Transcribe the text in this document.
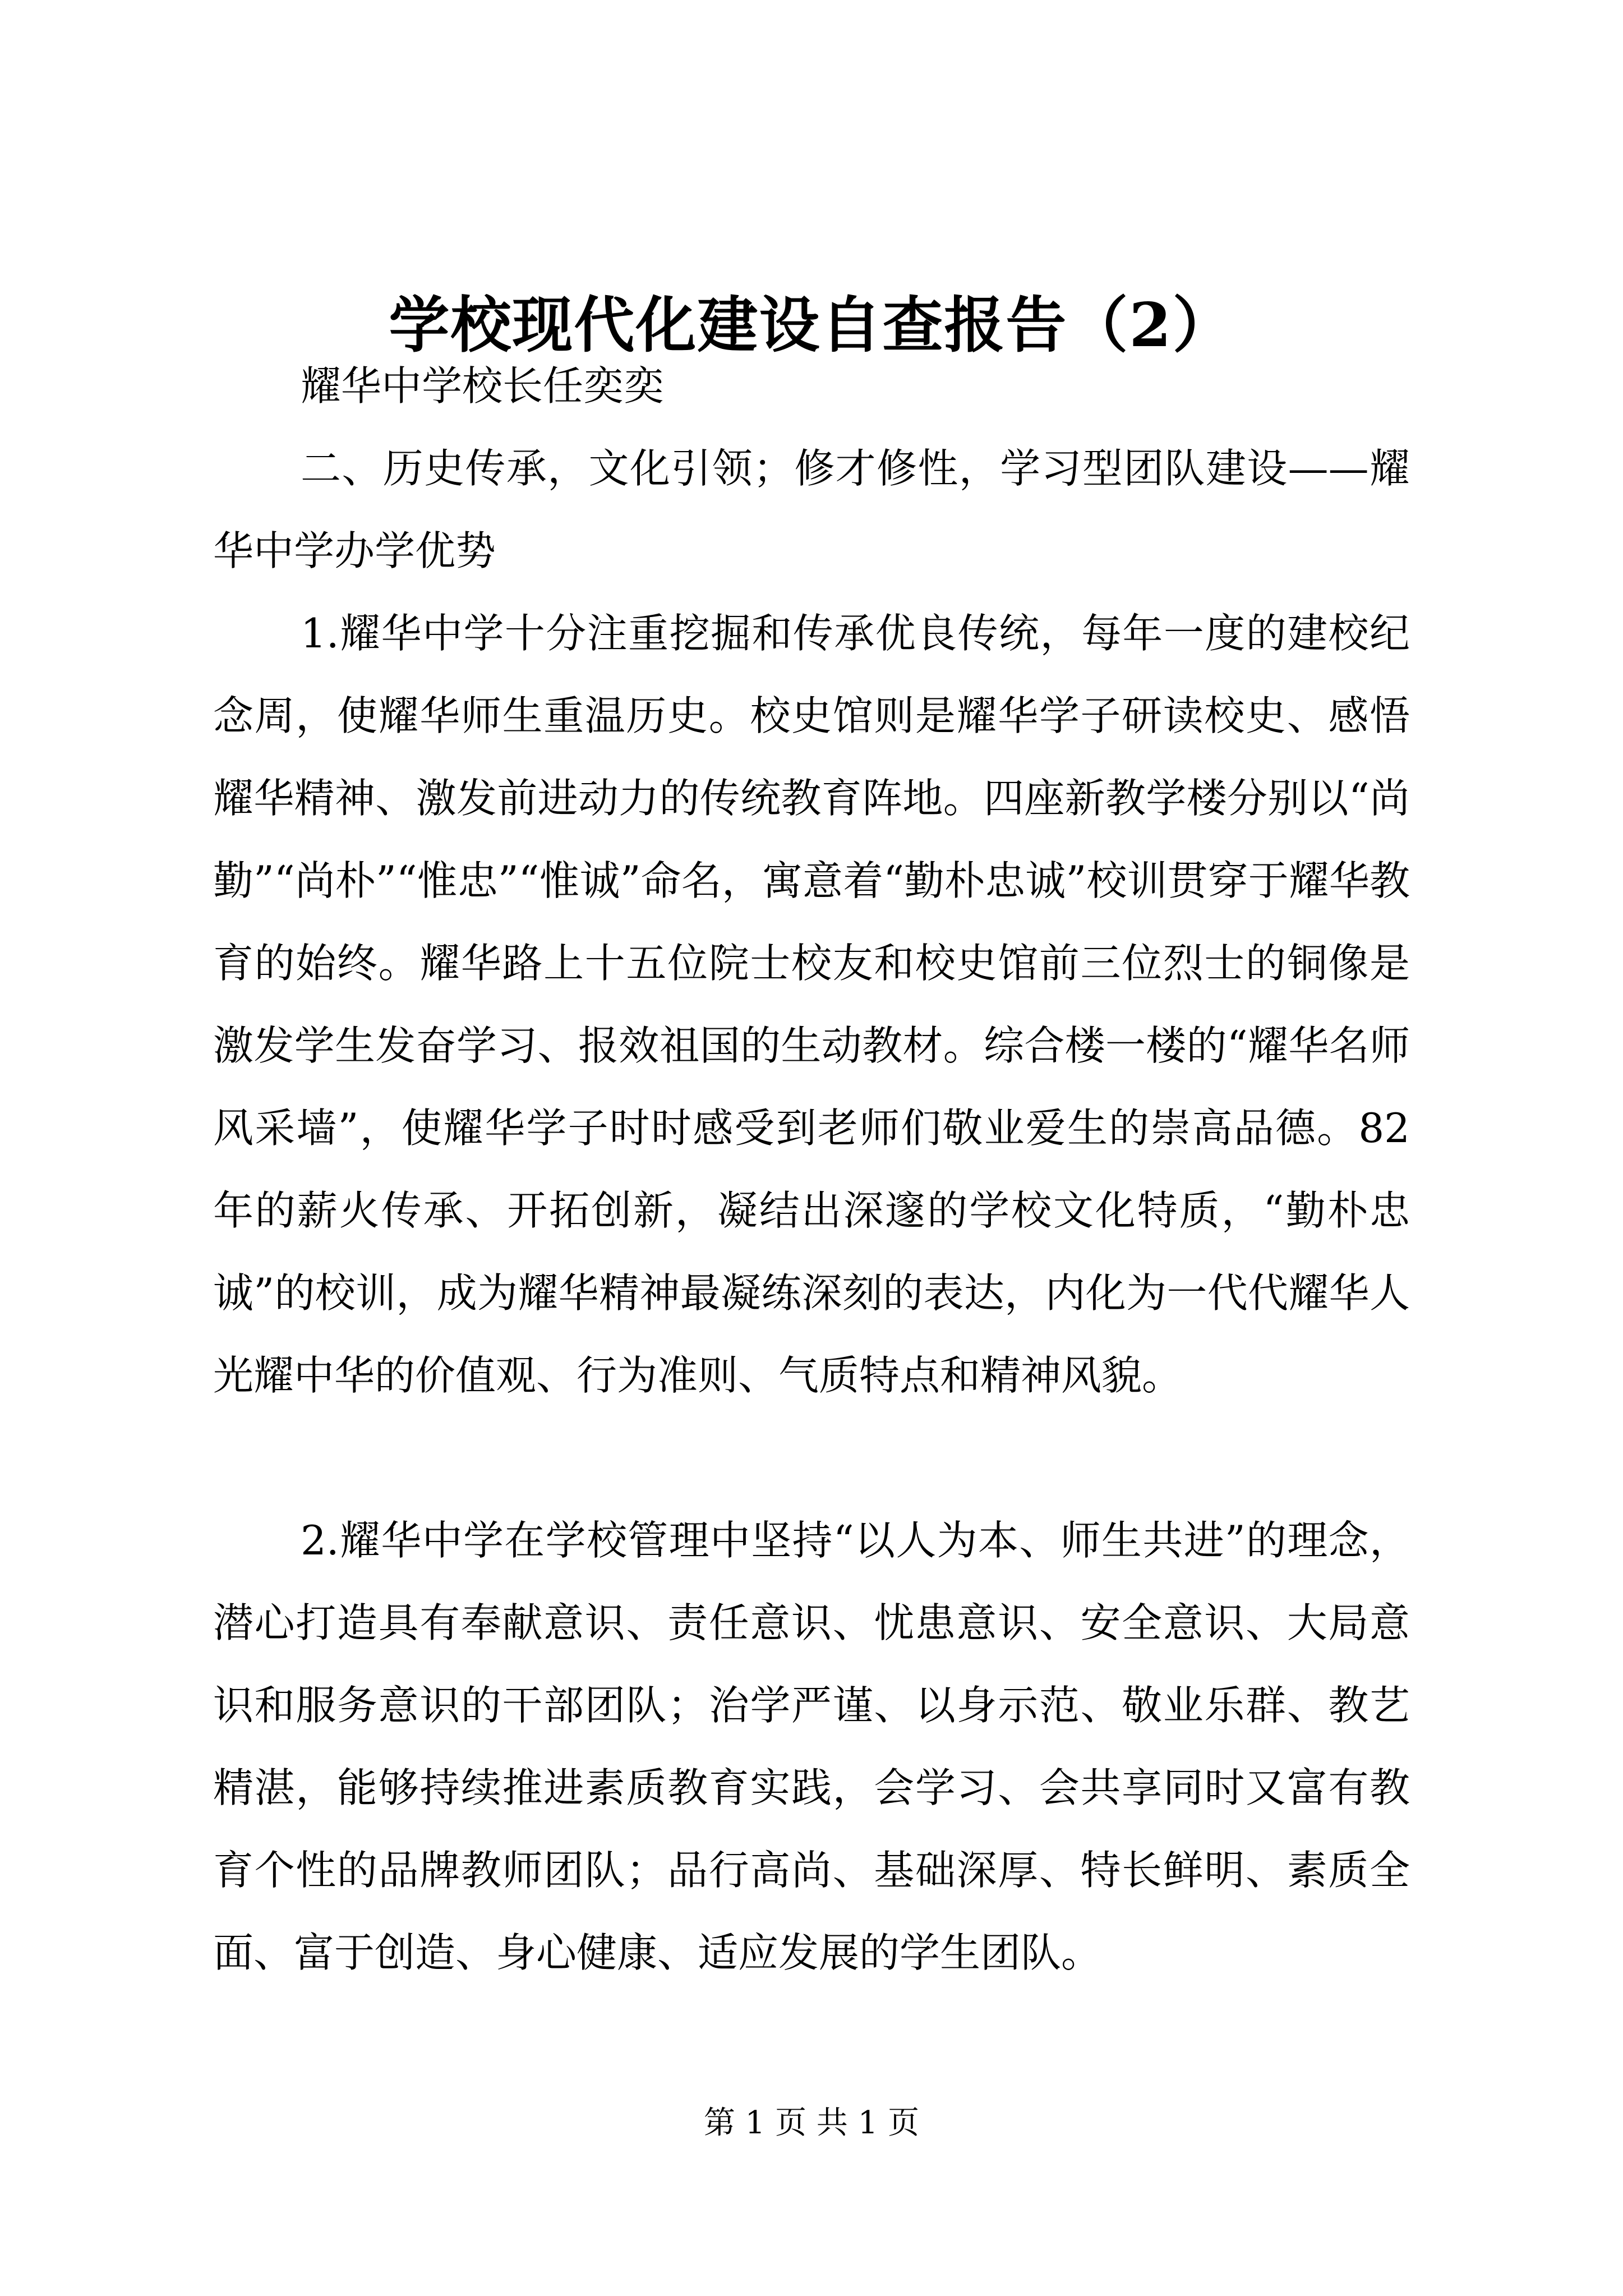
学校现代化建设自查报告（2）
耀华中学校长任奕奕
二、历史传承，文化引领；修才修性，学习型团队建设——耀华中学办学优势
1.耀华中学十分注重挖掘和传承优良传统，每年一度的建校纪念周，使耀华师生重温历史。校史馆则是耀华学子研读校史、感悟耀华精神、激发前进动力的传统教育阵地。四座新教学楼分别以“尚勤”“尚朴”“惟忠”“惟诚”命名，寓意着“勤朴忠诚”校训贯穿于耀华教育的始终。耀华路上十五位院士校友和校史馆前三位烈士的铜像是激发学生发奋学习、报效祖国的生动教材。综合楼一楼的“耀华名师风采墙”，使耀华学子时时感受到老师们敬业爱生的崇高品德。82年的薪火传承、开拓创新，凝结出深邃的学校文化特质，“勤朴忠诚”的校训，成为耀华精神最凝练深刻的表达，内化为一代代耀华人光耀中华的价值观、行为准则、气质特点和精神风貌。
2.耀华中学在学校管理中坚持“以人为本、师生共进”的理念，潜心打造具有奉献意识、责任意识、忧患意识、安全意识、大局意识和服务意识的干部团队；治学严谨、以身示范、敬业乐群、教艺精湛，能够持续推进素质教育实践，会学习、会共享同时又富有教育个性的品牌教师团队；品行高尚、基础深厚、特长鲜明、素质全面、富于创造、身心健康、适应发展的学生团队。
第 1 页 共 1 页
